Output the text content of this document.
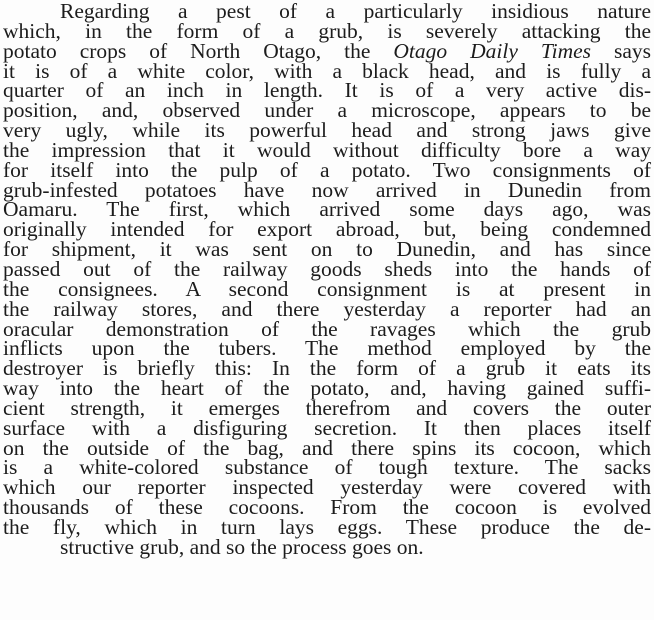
Regarding a pest of a particularly insidious nature
which, in the form of a grub, is severely attacking the
potato crops of North Otago, the Otago Daily Times says
it is of a white color, with a black head, and is fully a
quarter of an inch in length. It is of a very active dis-
position, and, observed under a microscope, appears to be
very ugly, while its powerful head and strong jaws give
the impression that it would without difficulty bore a way
for itself into the pulp of a potato. Two consignments of
grub-infested potatoes have now arrived in Dunedin from
Oamaru. The first, which arrived some days ago, was
originally intended for export abroad, but, being condemned
for shipment, it was sent on to Dunedin, and has since
passed out of the railway goods sheds into the hands of
the consignees. A second consignment is at present in
the railway stores, and there yesterday a reporter had an
oracular demonstration of the ravages which the grub
inflicts upon the tubers. The method employed by the
destroyer is briefly this: In the form of a grub it eats its
way into the heart of the potato, and, having gained suffi-
cient strength, it emerges therefrom and covers the outer
surface with a disfiguring secretion. It then places itself
on the outside of the bag, and there spins its cocoon, which
is a white-colored substance of tough texture. The sacks
which our reporter inspected yesterday were covered with
thousands of these cocoons. From the cocoon is evolved
the fly, which in turn lays eggs. These produce the de-
structive grub, and so the process goes on.
